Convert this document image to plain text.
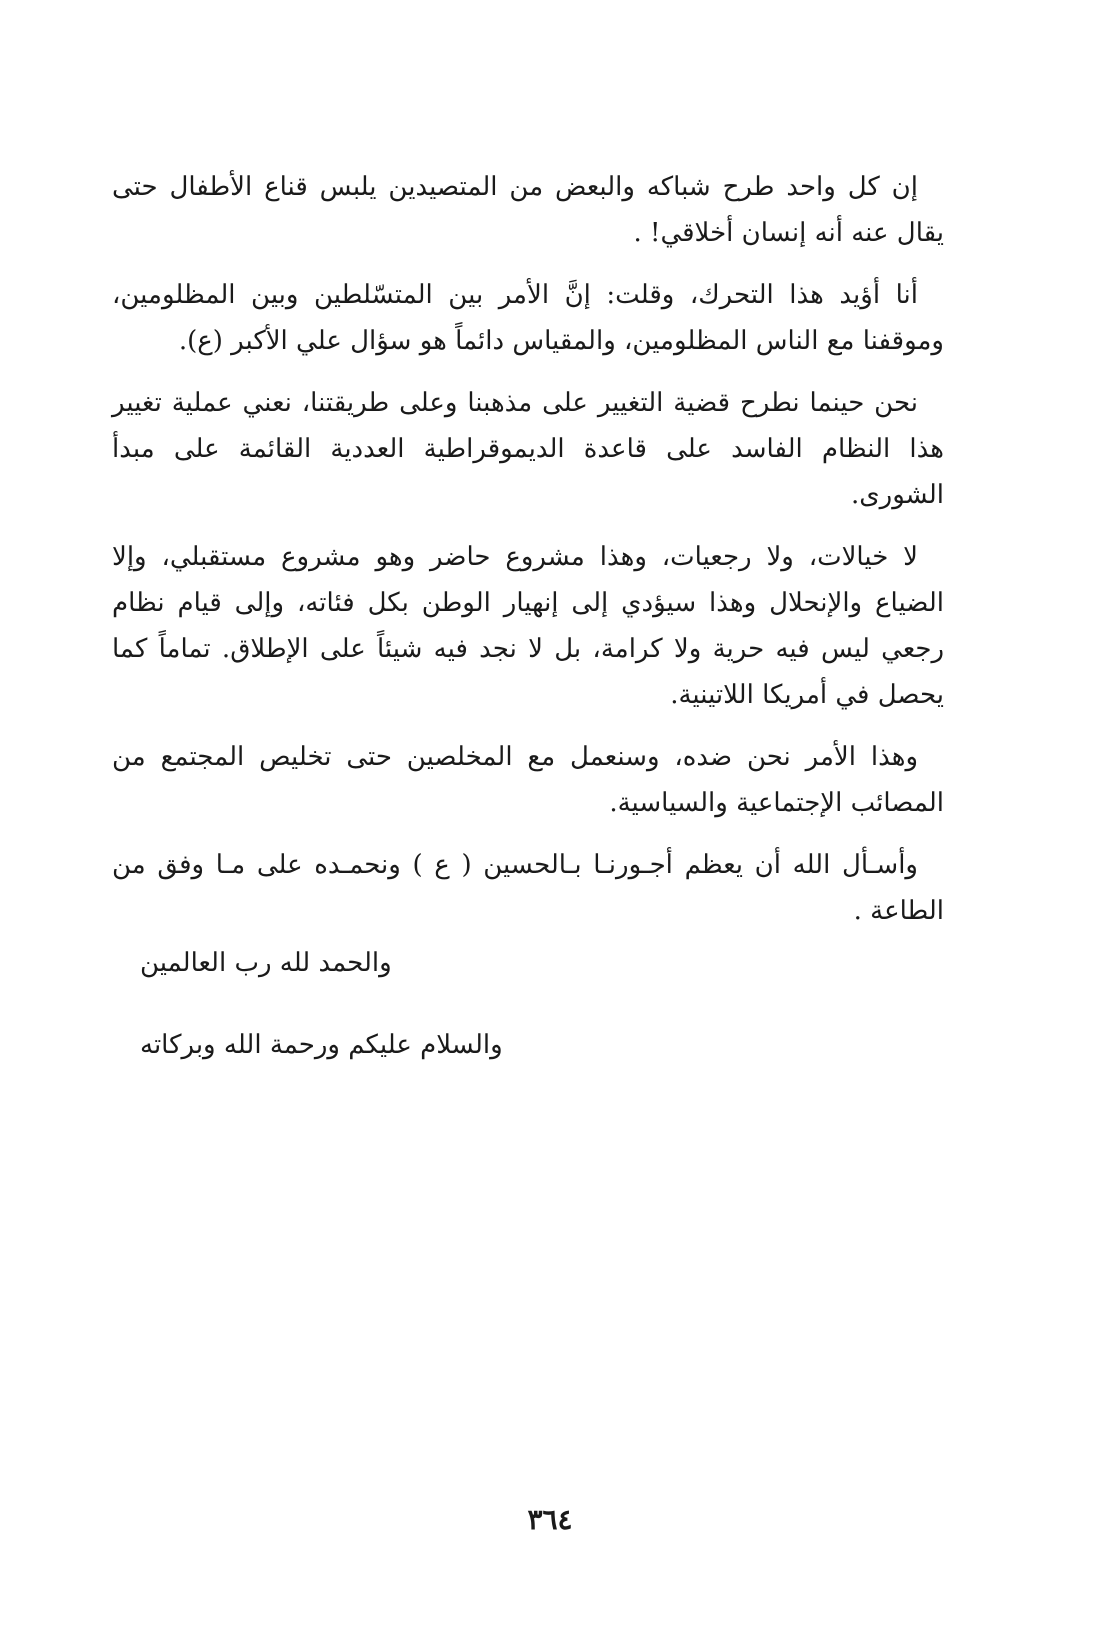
إن كل واحد طرح شباكه والبعض من المتصيدين يلبس قناع الأطفال حتى يقال عنه أنه إنسان أخلاقي! .

أنا أؤيد هذا التحرك، وقلت: إنَّ الأمر بين المتسّلطين وبين المظلومين، وموقفنا مع الناس المظلومين، والمقياس دائماً هو سؤال علي الأكبر (ع).

نحن حينما نطرح قضية التغيير على مذهبنا وعلى طريقتنا، نعني عملية تغيير هذا النظام الفاسد على قاعدة الديموقراطية العددية القائمة على مبدأ الشورى.

لا خيالات، ولا رجعيات، وهذا مشروع حاضر وهو مشروع مستقبلي، وإلا الضياع والإنحلال وهذا سيؤدي إلى إنهيار الوطن بكل فئاته، وإلى قيام نظام رجعي ليس فيه حرية ولا كرامة، بل لا نجد فيه شيئاً على الإطلاق. تماماً كما يحصل في أمريكا اللاتينية.

وهذا الأمر نحن ضده، وسنعمل مع المخلصين حتى تخليص المجتمع من المصائب الإجتماعية والسياسية.

وأسـأل الله أن يعظم أجـورنـا بـالحسين ( ع ) ونحمـده على مـا وفق من الطاعة .

والحمد لله رب العالمين

والسلام عليكم ورحمة الله وبركاته

٣٦٤
